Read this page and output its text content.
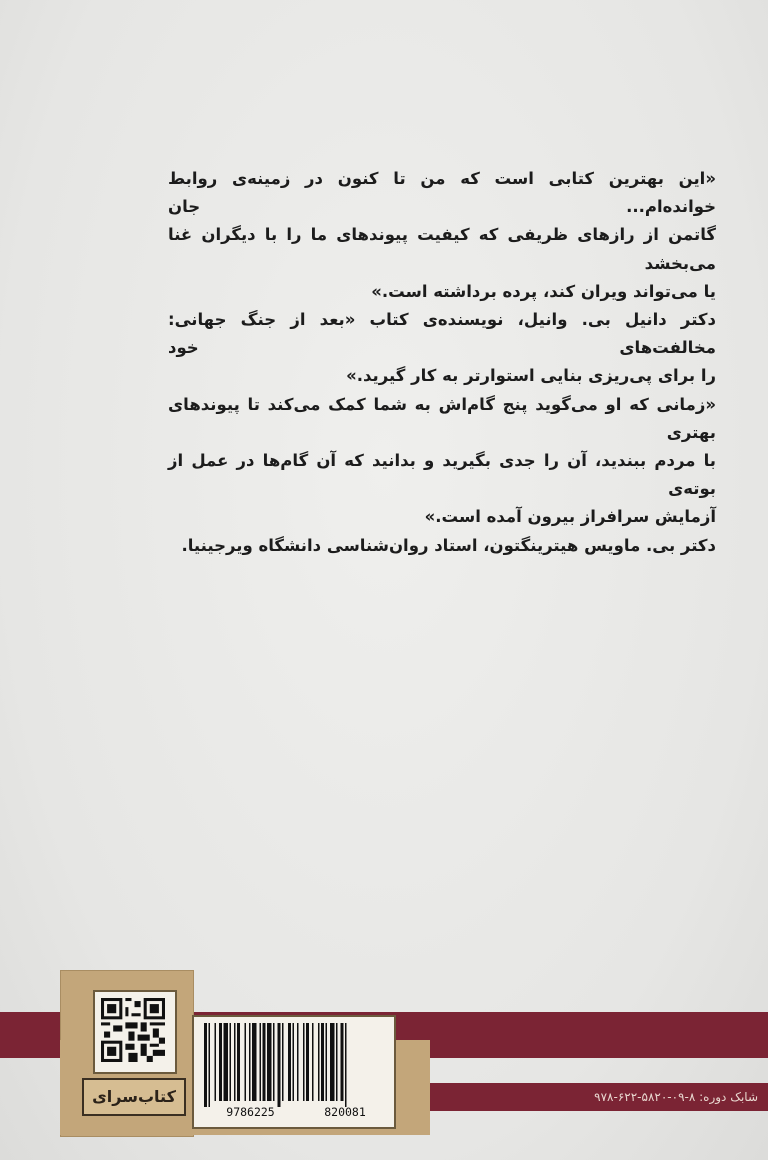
«این بهترین کتابی است که من تا کنون در زمینه‌ی روابط خوانده‌ام... جان
گاتمن از رازهای ظریفی که کیفیت پیوندهای ما را با دیگران غنا می‌بخشد
یا می‌تواند ویران کند، پرده برداشته است.»

دکتر دانیل بی. وانیل، نویسنده‌ی کتاب «بعد از جنگ جهانی: مخالفت‌های خود
را برای پی‌ریزی بنایی استوارتر به کار گیرید.»

«زمانی که او می‌گوید پنج گام‌اش به شما کمک می‌کند تا پیوندهای بهتری
با مردم ببندید، آن را جدی بگیرید و بدانید که آن گام‌ها در عمل از بوته‌ی
آزمایش سرافراز بیرون آمده است.»

دکتر بی. ماویس هیترینگتون، استاد روان‌شناسی دانشگاه ویرجینیا.

شابک دوره: ۸-۰۹-۵۸۲۰-۶۲۲-۹۷۸
کتاب‌سرای
9786225	820081
